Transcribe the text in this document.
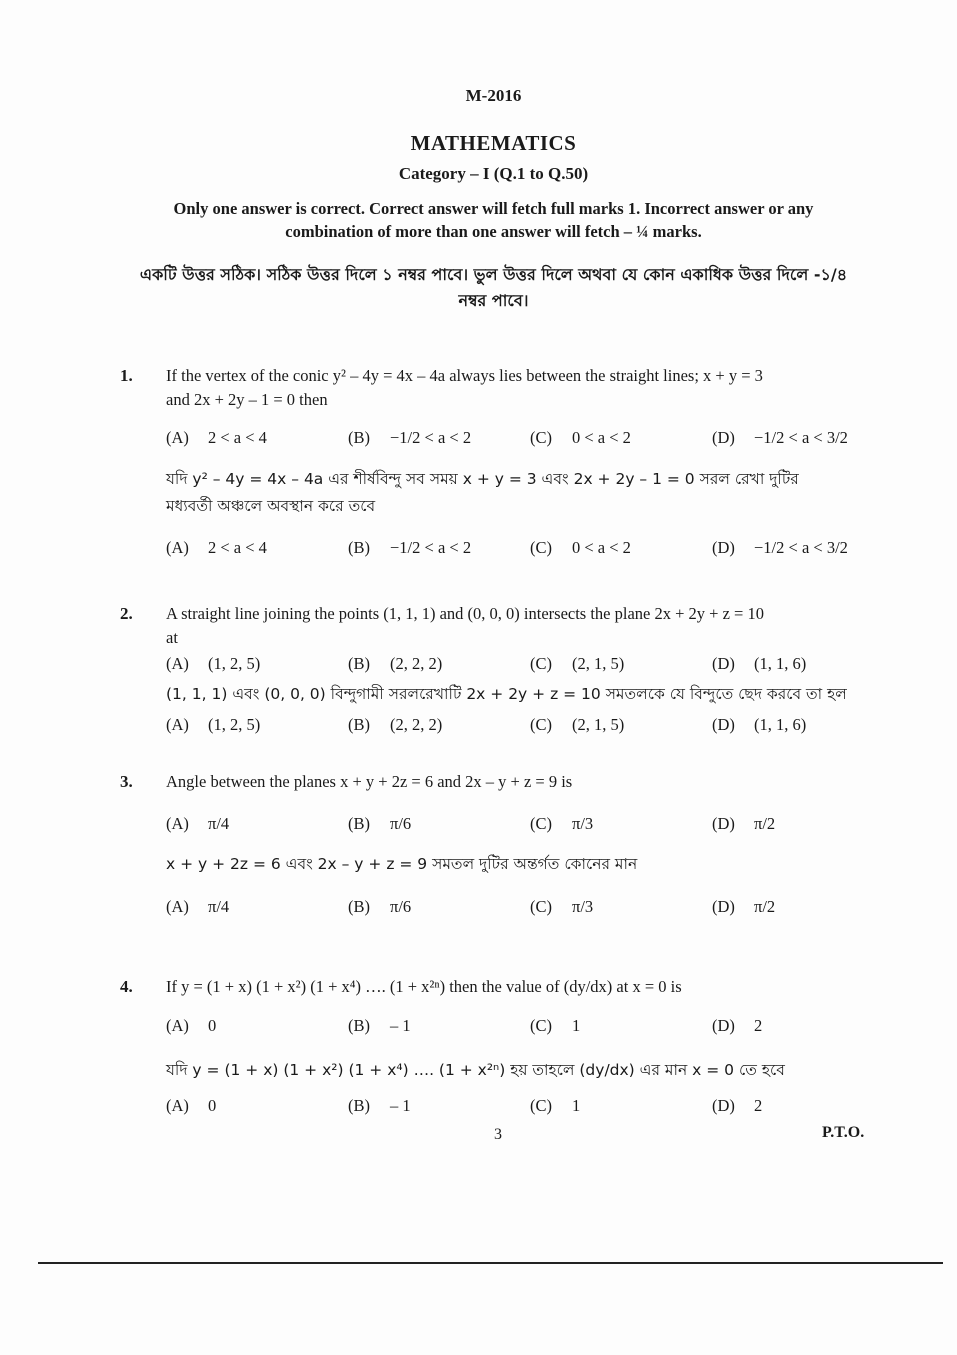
M-2016
MATHEMATICS
Category – I (Q.1 to Q.50)
Only one answer is correct. Correct answer will fetch full marks 1. Incorrect answer or any
combination of more than one answer will fetch – ¼ marks.
একটি উত্তর সঠিক। সঠিক উত্তর দিলে ১ নম্বর পাবে। ভুল উত্তর দিলে অথবা যে কোন একাধিক উত্তর দিলে -১/৪
নম্বর পাবে।
1. If the vertex of the conic y² – 4y = 4x – 4a always lies between the straight lines; x + y = 3
and 2x + 2y – 1 = 0 then
যদি y² – 4y = 4x – 4a এর শীর্ষবিন্দু সব সময় x + y = 3 এবং 2x + 2y – 1 = 0 সরল রেখা দুটির
মধ্যবর্তী অঞ্চলে অবস্থান করে তবে
(A) 2 < a < 4	(B) −1/2 < a < 2	(C) 0 < a < 2	(D) −1/2 < a < 3/2
(A) 2 < a < 4	(B) −1/2 < a < 2	(C) 0 < a < 2	(D) −1/2 < a < 3/2
2. A straight line joining the points (1, 1, 1) and (0, 0, 0) intersects the plane 2x + 2y + z = 10
at
(1, 1, 1) এবং (0, 0, 0) বিন্দুগামী সরলরেখাটি 2x + 2y + z = 10 সমতলকে যে বিন্দুতে ছেদ করবে তা হল
(A) (1, 2, 5)	(B) (2, 2, 2)	(C) (2, 1, 5)	(D) (1, 1, 6)
(A) (1, 2, 5)	(B) (2, 2, 2)	(C) (2, 1, 5)	(D) (1, 1, 6)
3. Angle between the planes x + y + 2z = 6 and 2x – y + z = 9 is
x + y + 2z = 6 এবং 2x – y + z = 9 সমতল দুটির অন্তর্গত কোনের মান
(A) π/4	(B) π/6	(C) π/3	(D) π/2
(A) π/4	(B) π/6	(C) π/3	(D) π/2
4. If y = (1 + x) (1 + x²) (1 + x⁴) …. (1 + x²ⁿ) then the value of (dy/dx) at x = 0 is
যদি y = (1 + x) (1 + x²) (1 + x⁴) …. (1 + x²ⁿ) হয় তাহলে (dy/dx) এর মান x = 0 তে হবে
(A) 0	(B) – 1	(C) 1	(D) 2
(A) 0	(B) – 1	(C) 1	(D) 2
3	P.T.O.
